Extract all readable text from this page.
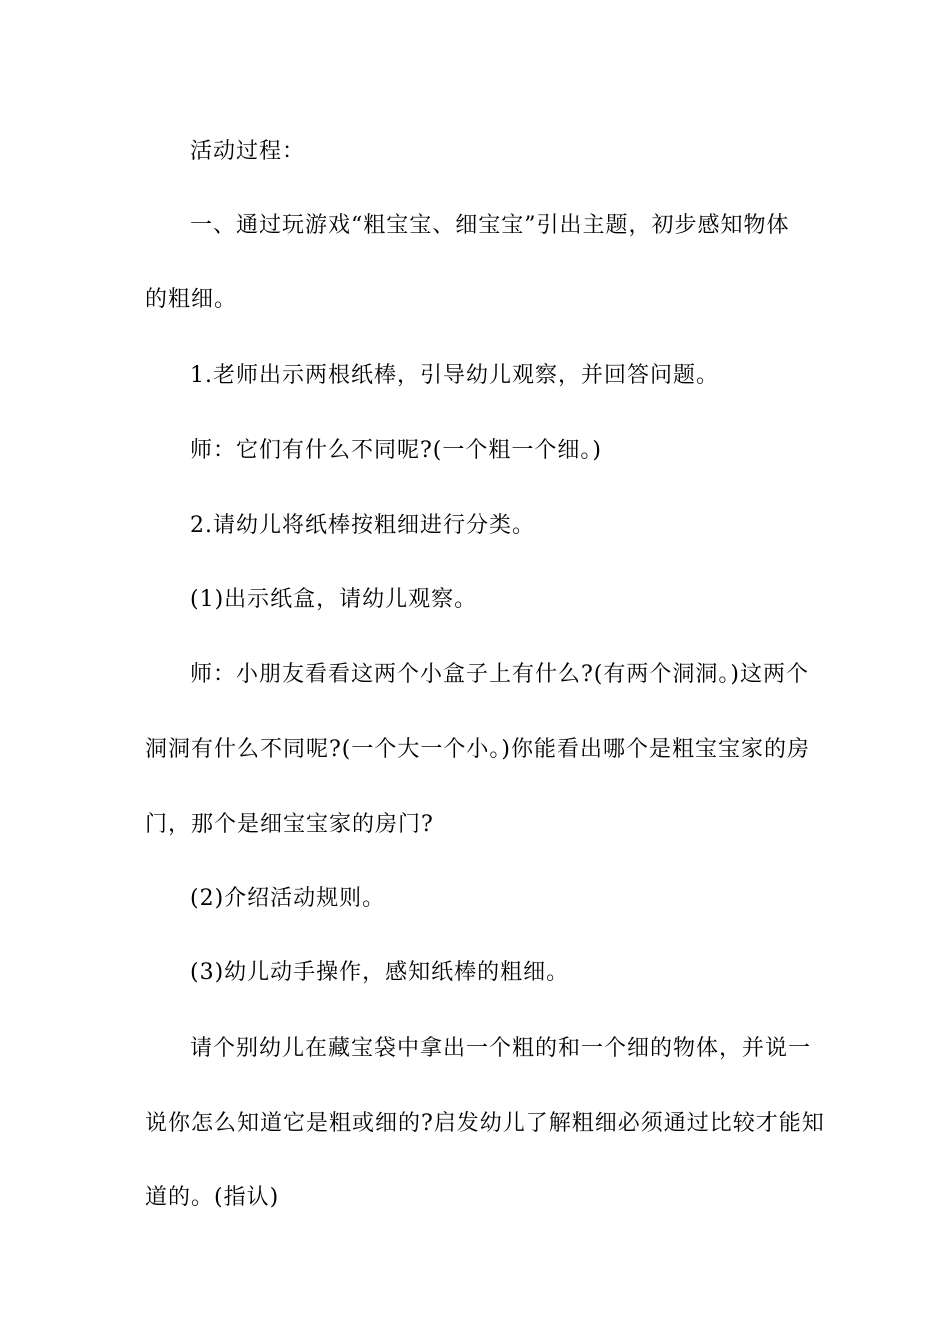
活动过程：
一、通过玩游戏“粗宝宝、细宝宝”引出主题，初步感知物体
的粗细。
1.老师出示两根纸棒，引导幼儿观察，并回答问题。
师：它们有什么不同呢?(一个粗一个细。)
2.请幼儿将纸棒按粗细进行分类。
(1)出示纸盒，请幼儿观察。
师：小朋友看看这两个小盒子上有什么?(有两个洞洞。)这两个
洞洞有什么不同呢?(一个大一个小。)你能看出哪个是粗宝宝家的房
门，那个是细宝宝家的房门?
(2)介绍活动规则。
(3)幼儿动手操作，感知纸棒的粗细。
请个别幼儿在藏宝袋中拿出一个粗的和一个细的物体，并说一
说你怎么知道它是粗或细的?启发幼儿了解粗细必须通过比较才能知
道的。(指认)
